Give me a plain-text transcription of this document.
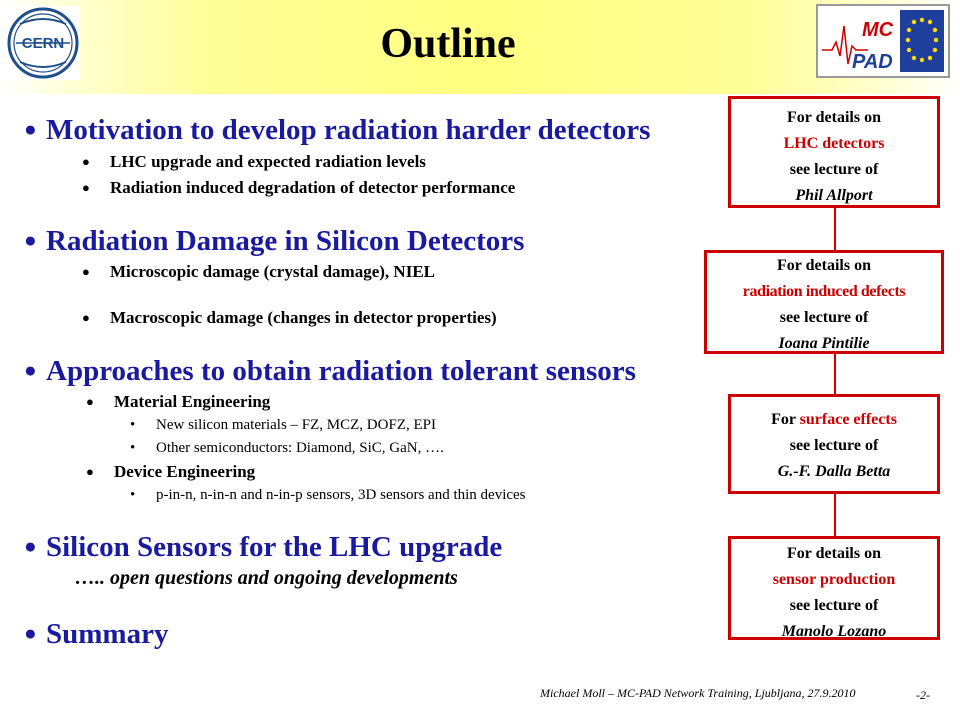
CERN	Outline	MC
PAD
● Motivation to develop radiation harder detectors
● LHC upgrade and expected radiation levels
● Radiation induced degradation of detector performance
● Radiation Damage in Silicon Detectors
● Microscopic damage (crystal damage), NIEL
● Macroscopic damage (changes in detector properties)
● Approaches to obtain radiation tolerant sensors
● Material Engineering
• New silicon materials – FZ, MCZ, DOFZ, EPI
• Other semiconductors: Diamond, SiC, GaN, ….
● Device Engineering
• p-in-n, n-in-n and n-in-p sensors, 3D sensors and thin devices
● Silicon Sensors for the LHC upgrade
….. open questions and ongoing developments
● Summary
For details on
LHC detectors
see lecture of
Phil Allport
For details on
radiation induced defects
see lecture of
Ioana Pintilie
For surface effects
see lecture of
G.-F. Dalla Betta
For details on
sensor production
see lecture of
Manolo Lozano
Michael Moll – MC-PAD Network Training, Ljubljana, 27.9.2010	-2-
